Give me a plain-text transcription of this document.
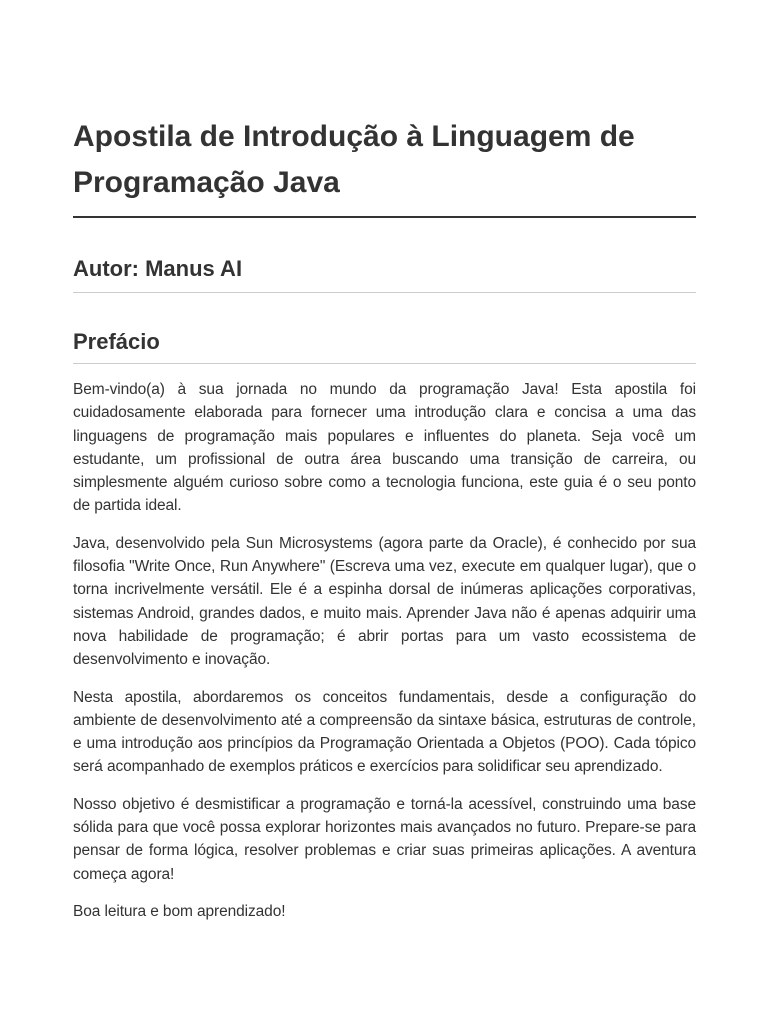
Apostila de Introdução à Linguagem de Programação Java
Autor: Manus AI
Prefácio

Bem-vindo(a) à sua jornada no mundo da programação Java! Esta apostila foi cuidadosamente elaborada para fornecer uma introdução clara e concisa a uma das linguagens de programação mais populares e influentes do planeta. Seja você um estudante, um profissional de outra área buscando uma transição de carreira, ou simplesmente alguém curioso sobre como a tecnologia funciona, este guia é o seu ponto de partida ideal.

Java, desenvolvido pela Sun Microsystems (agora parte da Oracle), é conhecido por sua filosofia "Write Once, Run Anywhere" (Escreva uma vez, execute em qualquer lugar), que o torna incrivelmente versátil. Ele é a espinha dorsal de inúmeras aplicações corporativas, sistemas Android, grandes dados, e muito mais. Aprender Java não é apenas adquirir uma nova habilidade de programação; é abrir portas para um vasto ecossistema de desenvolvimento e inovação.

Nesta apostila, abordaremos os conceitos fundamentais, desde a configuração do ambiente de desenvolvimento até a compreensão da sintaxe básica, estruturas de controle, e uma introdução aos princípios da Programação Orientada a Objetos (POO). Cada tópico será acompanhado de exemplos práticos e exercícios para solidificar seu aprendizado.

Nosso objetivo é desmistificar a programação e torná-la acessível, construindo uma base sólida para que você possa explorar horizontes mais avançados no futuro. Prepare-se para pensar de forma lógica, resolver problemas e criar suas primeiras aplicações. A aventura começa agora!

Boa leitura e bom aprendizado!
